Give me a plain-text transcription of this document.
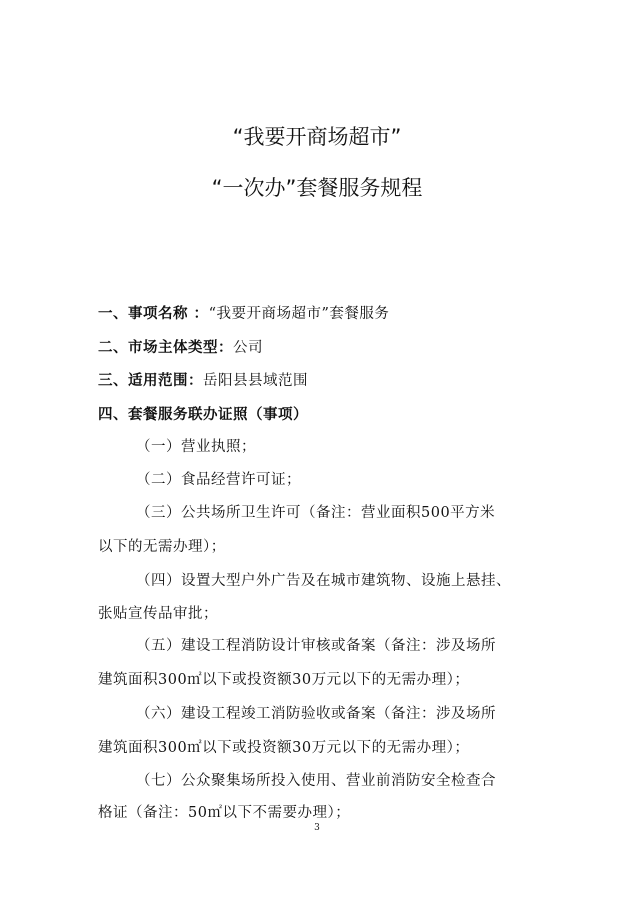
“我要开商场超市”
“一次办”套餐服务规程
一、事项名称 ：“我要开商场超市”套餐服务
二、市场主体类型：公司
三、适用范围：岳阳县县域范围
四、套餐服务联办证照（事项）
（一）营业执照；
（二）食品经营许可证；
（三）公共场所卫生许可（备注：营业面积500平方米
以下的无需办理）；
（四）设置大型户外广告及在城市建筑物、设施上悬挂、
张贴宣传品审批；
（五）建设工程消防设计审核或备案（备注：涉及场所
建筑面积300㎡以下或投资额30万元以下的无需办理）；
（六）建设工程竣工消防验收或备案（备注：涉及场所
建筑面积300㎡以下或投资额30万元以下的无需办理）；
（七）公众聚集场所投入使用、营业前消防安全检查合
格证（备注：50㎡以下不需要办理）；
3
